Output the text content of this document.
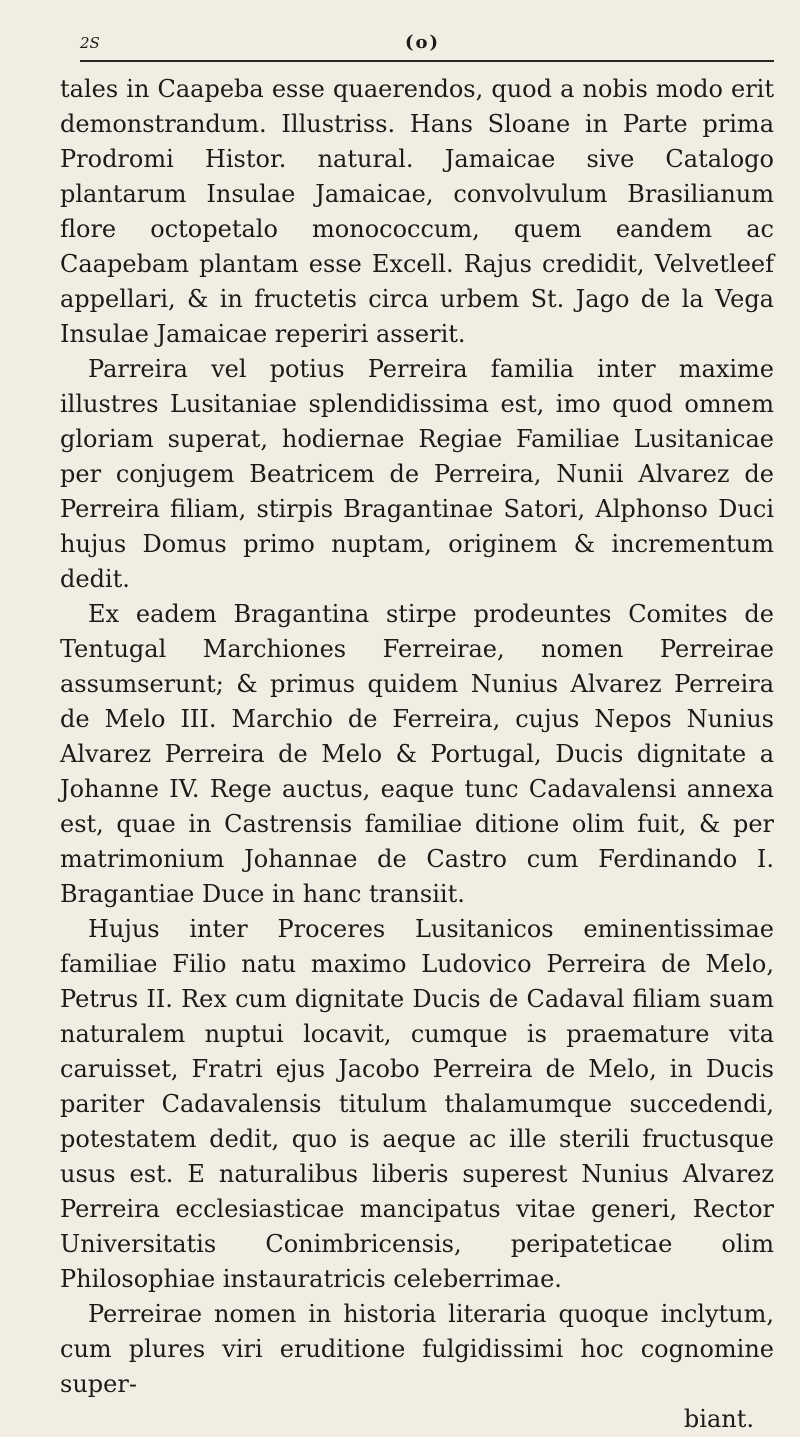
2S	(o)

tales in Caapeba esse quaerendos, quod a nobis modo erit demonstrandum. Illustriss. Hans Sloane in Parte prima Prodromi Histor. natural. Jamaicae sive Catalogo plantarum Insulae Jamaicae, convolvulum Brasilianum flore octopetalo monococcum, quem eandem ac Caapebam plantam esse Excell. Rajus credidit, Velvetleef appellari, & in fructetis circa urbem St. Jago de la Vega Insulae Jamaicae reperiri asserit.

Parreira vel potius Perreira familia inter maxime illustres Lusitaniae splendidissima est, imo quod omnem gloriam superat, hodiernae Regiae Familiae Lusitanicae per conjugem Beatricem de Perreira, Nunii Alvarez de Perreira filiam, stirpis Bragantinae Satori, Alphonso Duci hujus Domus primo nuptam, originem & incrementum dedit.

Ex eadem Bragantina stirpe prodeuntes Comites de Tentugal Marchiones Ferreirae, nomen Perreirae assumserunt; & primus quidem Nunius Alvarez Perreira de Melo III. Marchio de Ferreira, cujus Nepos Nunius Alvarez Perreira de Melo & Portugal, Ducis dignitate a Johanne IV. Rege auctus, eaque tunc Cadavalensi annexa est, quae in Castrensis familiae ditione olim fuit, & per matrimonium Johannae de Castro cum Ferdinando I. Bragantiae Duce in hanc transiit.

Hujus inter Proceres Lusitanicos eminentissimae familiae Filio natu maximo Ludovico Perreira de Melo, Petrus II. Rex cum dignitate Ducis de Cadaval filiam suam naturalem nuptui locavit, cumque is praemature vita caruisset, Fratri ejus Jacobo Perreira de Melo, in Ducis pariter Cadavalensis titulum thalamumque succedendi, potestatem dedit, quo is aeque ac ille sterili fructusque usus est. E naturalibus liberis superest Nunius Alvarez Perreira ecclesiasticae mancipatus vitae generi, Rector Universitatis Conimbricensis, peripateticae olim Philosophiae instauratricis celeberrimae.

Perreirae nomen in historia literaria quoque inclytum, cum plures viri eruditione fulgidissimi hoc cognomine super-

biant.
